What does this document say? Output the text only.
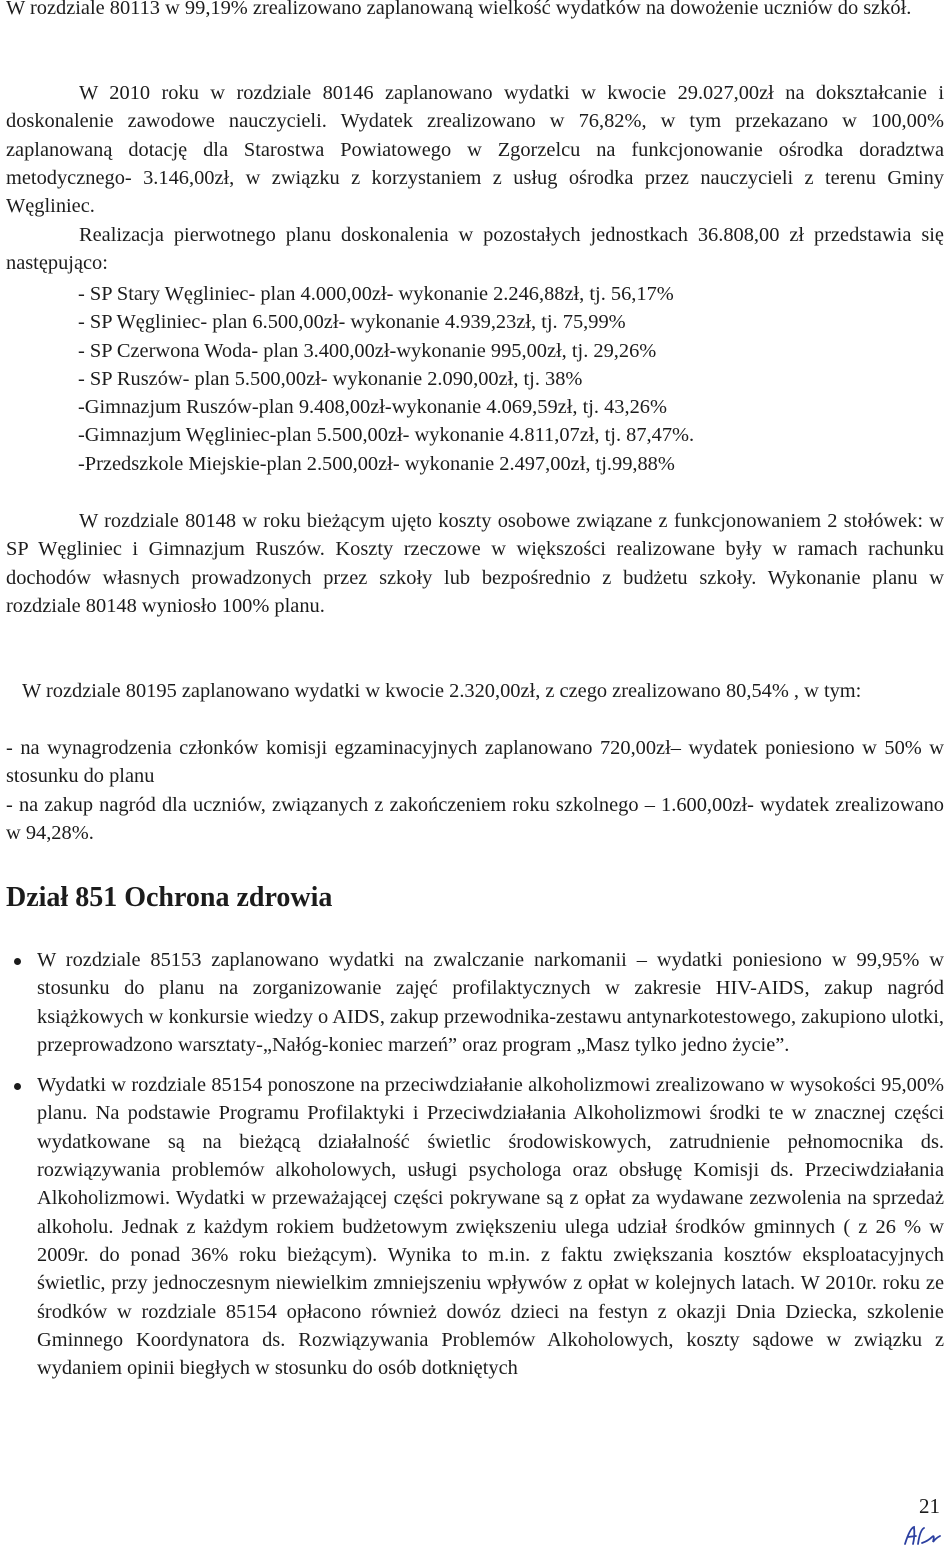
W rozdziale 80113 w 99,19% zrealizowano zaplanowaną wielkość wydatków na dowożenie uczniów do szkół.

W 2010 roku w rozdziale 80146 zaplanowano wydatki w kwocie 29.027,00zł na dokształcanie i doskonalenie zawodowe nauczycieli. Wydatek zrealizowano w 76,82%, w tym przekazano w 100,00% zaplanowaną dotację dla Starostwa Powiatowego w Zgorzelcu na funkcjonowanie ośrodka doradztwa metodycznego- 3.146,00zł, w związku z korzystaniem z usług ośrodka przez nauczycieli z terenu Gminy Węgliniec.

Realizacja pierwotnego planu doskonalenia w pozostałych jednostkach 36.808,00 zł przedstawia się następująco:

- SP Stary Węgliniec- plan 4.000,00zł- wykonanie 2.246,88zł, tj. 56,17%
- SP Węgliniec- plan 6.500,00zł- wykonanie 4.939,23zł, tj. 75,99%
- SP Czerwona Woda- plan 3.400,00zł-wykonanie 995,00zł, tj. 29,26%
- SP Ruszów- plan 5.500,00zł- wykonanie 2.090,00zł, tj. 38%
-Gimnazjum Ruszów-plan 9.408,00zł-wykonanie 4.069,59zł, tj. 43,26%
-Gimnazjum Węgliniec-plan 5.500,00zł- wykonanie 4.811,07zł, tj. 87,47%.
-Przedszkole Miejskie-plan 2.500,00zł- wykonanie 2.497,00zł, tj.99,88%

W rozdziale 80148 w roku bieżącym ujęto koszty osobowe związane z funkcjonowaniem 2 stołówek: w SP Węgliniec i Gimnazjum Ruszów. Koszty rzeczowe w większości realizowane były w ramach rachunku dochodów własnych prowadzonych przez szkoły lub bezpośrednio z budżetu szkoły. Wykonanie planu w rozdziale 80148 wyniosło 100% planu.

W rozdziale 80195 zaplanowano wydatki w kwocie 2.320,00zł, z czego zrealizowano 80,54% , w tym:

- na wynagrodzenia członków komisji egzaminacyjnych zaplanowano 720,00zł– wydatek poniesiono w 50% w stosunku do planu

- na zakup nagród dla uczniów, związanych z zakończeniem roku szkolnego – 1.600,00zł- wydatek zrealizowano w 94,28%.

Dział 851 Ochrona zdrowia
W rozdziale 85153 zaplanowano wydatki na zwalczanie narkomanii – wydatki poniesiono w 99,95% w stosunku do planu na zorganizowanie zajęć profilaktycznych w zakresie HIV-AIDS, zakup nagród książkowych w konkursie wiedzy o AIDS, zakup przewodnika-zestawu antynarkotestowego, zakupiono ulotki, przeprowadzono warsztaty-„Nałóg-koniec marzeń” oraz program „Masz tylko jedno życie”.
Wydatki w rozdziale 85154 ponoszone na przeciwdziałanie alkoholizmowi zrealizowano w wysokości 95,00% planu. Na podstawie Programu Profilaktyki i Przeciwdziałania Alkoholizmowi środki te w znacznej części wydatkowane są na bieżącą działalność świetlic środowiskowych, zatrudnienie pełnomocnika ds. rozwiązywania problemów alkoholowych, usługi psychologa oraz obsługę Komisji ds. Przeciwdziałania Alkoholizmowi. Wydatki w przeważającej części pokrywane są z opłat za wydawane zezwolenia na sprzedaż alkoholu. Jednak z każdym rokiem budżetowym zwiększeniu ulega udział środków gminnych ( z 26 % w 2009r. do ponad 36% roku bieżącym). Wynika to m.in. z faktu zwiększania kosztów eksploatacyjnych świetlic, przy jednoczesnym niewielkim zmniejszeniu wpływów z opłat w kolejnych latach. W 2010r. roku ze środków w rozdziale 85154 opłacono również dowóz dzieci na festyn z okazji Dnia Dziecka, szkolenie Gminnego Koordynatora ds. Rozwiązywania Problemów Alkoholowych, koszty sądowe w związku z wydaniem opinii biegłych w stosunku do osób dotkniętych

21
